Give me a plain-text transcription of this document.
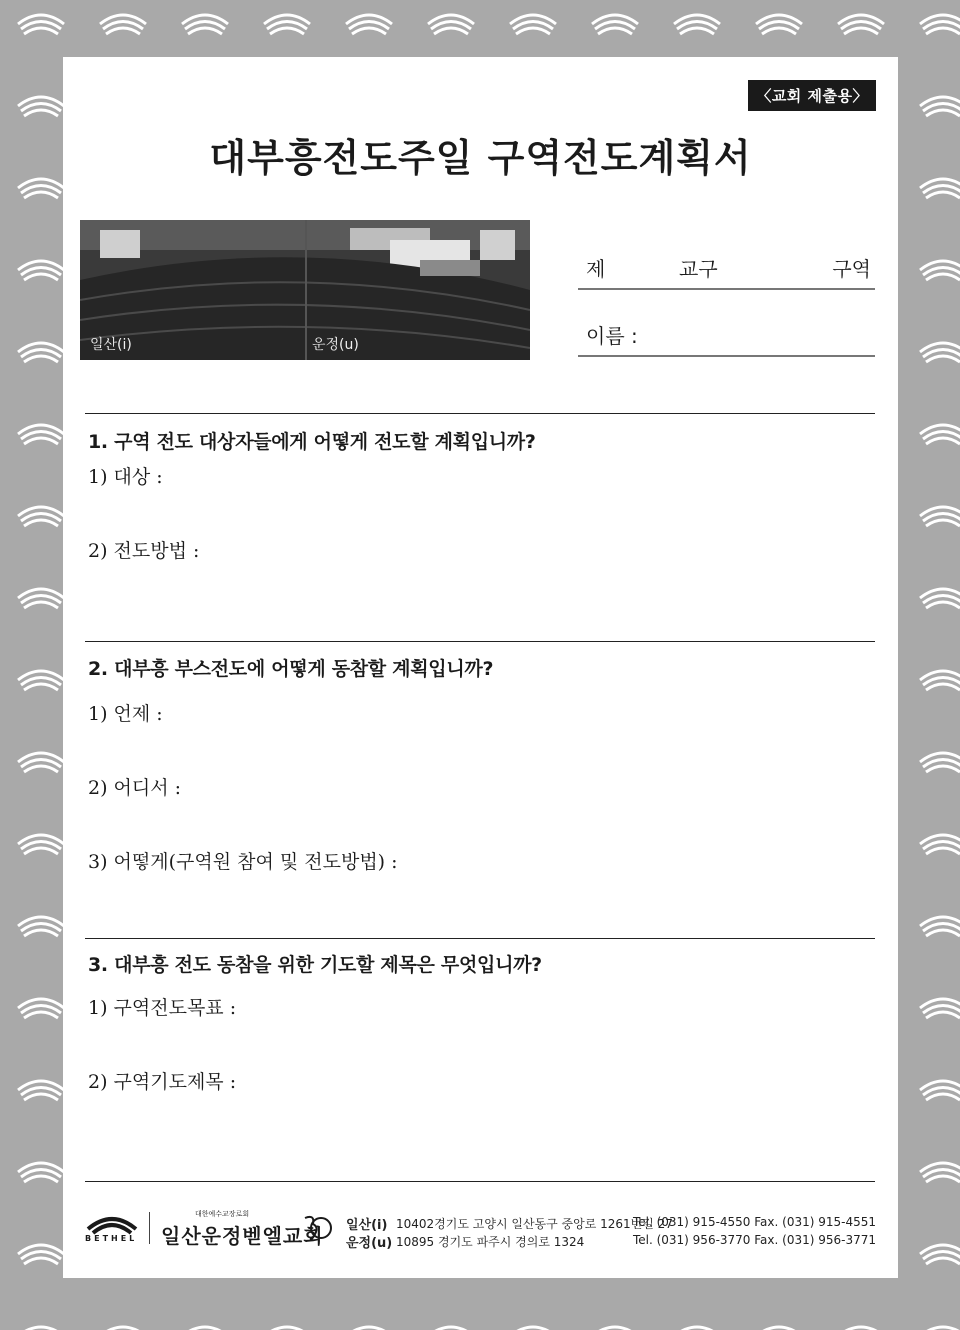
〈교회 제출용〉
대부흥전도주일 구역전도계획서
일산(i)	운정(u)
제	교구	구역
이름 :
1. 구역 전도 대상자들에게 어떻게 전도할 계획입니까?
1) 대상 :
2) 전도방법 :
2. 대부흥 부스전도에 어떻게 동참할 계획입니까?
1) 언제 :
2) 어디서 :
3) 어떻게(구역원 참여 및 전도방법) :
3. 대부흥 전도 동참을 위한 기도할 제목은 무엇입니까?
1) 구역전도목표 :
2) 구역기도제목 :
BETHEL
대한예수교장로회
일산운정벧엘교회 일산(i) 10402경기도 고양시 일산동구 중앙로 1261번길 27
Tel. (031) 915-4550 Fax. (031) 915-4551
운정(u) 10895 경기도 파주시 경의로 1324	Tel. (031) 956-3770 Fax. (031) 956-3771
